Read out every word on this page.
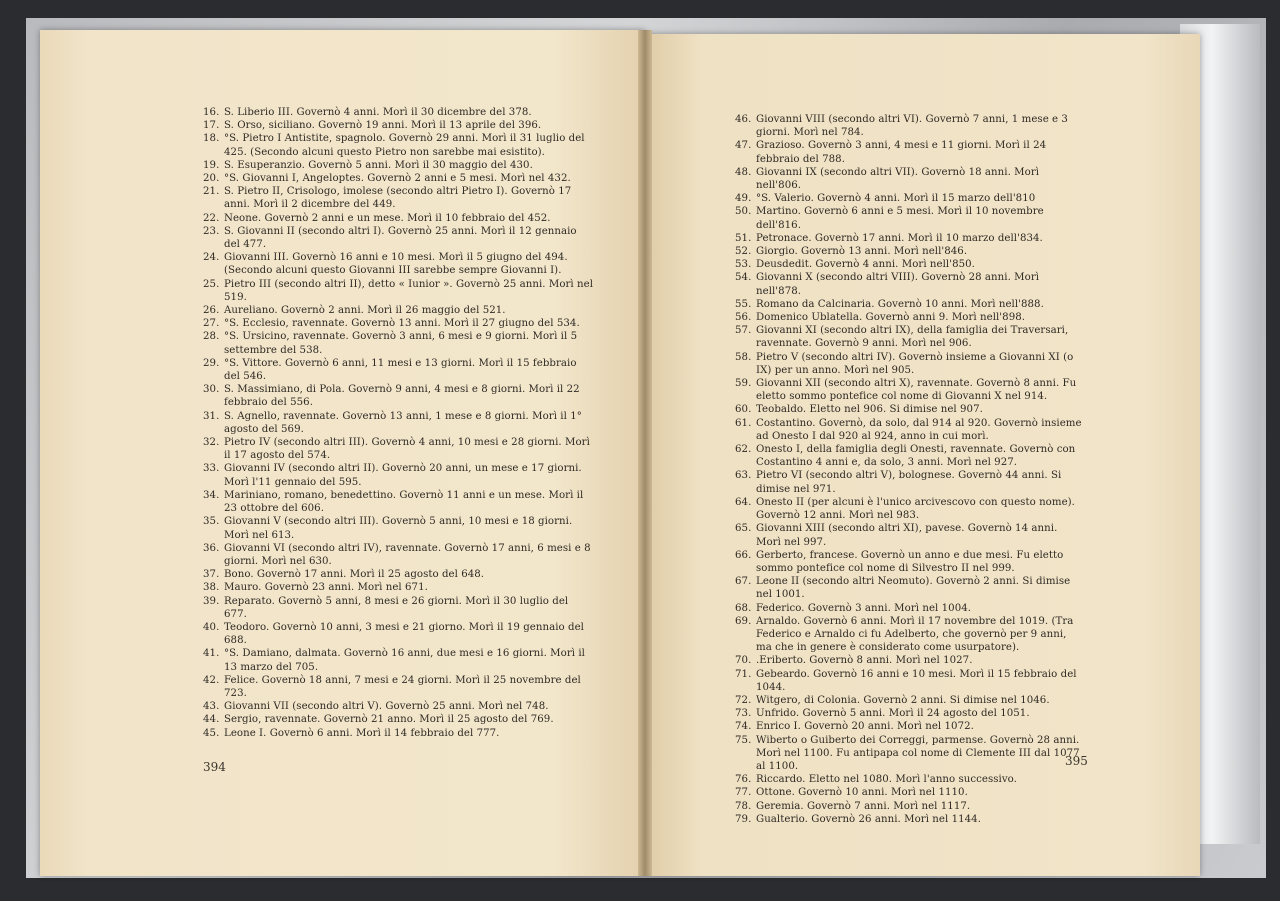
16. S. Liberio III. Governò 4 anni. Morì il 30 dicembre del 378.
17. S. Orso, siciliano. Governò 19 anni. Morì il 13 aprile del 396.
18. °S. Pietro I Antistite, spagnolo. Governò 29 anni. Morì il 31 luglio del 425. (Secondo alcuni questo Pietro non sarebbe mai esistito).
19. S. Esuperanzio. Governò 5 anni. Morì il 30 maggio del 430.
20. °S. Giovanni I, Angeloptes. Governò 2 anni e 5 mesi. Morì nel 432.
21. S. Pietro II, Crisologo, imolese (secondo altri Pietro I). Governò 17 anni. Morì il 2 dicembre del 449.
22. Neone. Governò 2 anni e un mese. Morì il 10 febbraio del 452.
23. S. Giovanni II (secondo altri I). Governò 25 anni. Morì il 12 gennaio del 477.
24. Giovanni III. Governò 16 anni e 10 mesi. Morì il 5 giugno del 494. (Secondo alcuni questo Giovanni III sarebbe sempre Giovanni I).
25. Pietro III (secondo altri II), detto « Iunior ». Governò 25 anni. Morì nel 519.
26. Aureliano. Governò 2 anni. Morì il 26 maggio del 521.
27. °S. Ecclesio, ravennate. Governò 13 anni. Morì il 27 giugno del 534.
28. °S. Ursicino, ravennate. Governò 3 anni, 6 mesi e 9 giorni. Morì il 5 settembre del 538.
29. °S. Vittore. Governò 6 anni, 11 mesi e 13 giorni. Morì il 15 febbraio del 546.
30. S. Massimiano, di Pola. Governò 9 anni, 4 mesi e 8 giorni. Morì il 22 febbraio del 556.
31. S. Agnello, ravennate. Governò 13 anni, 1 mese e 8 giorni. Morì il 1° agosto del 569.
32. Pietro IV (secondo altri III). Governò 4 anni, 10 mesi e 28 giorni. Morì il 17 agosto del 574.
33. Giovanni IV (secondo altri II). Governò 20 anni, un mese e 17 giorni. Morì l'11 gennaio del 595.
34. Mariniano, romano, benedettino. Governò 11 anni e un mese. Morì il 23 ottobre del 606.
35. Giovanni V (secondo altri III). Governò 5 anni, 10 mesi e 18 giorni. Morì nel 613.
36. Giovanni VI (secondo altri IV), ravennate. Governò 17 anni, 6 mesi e 8 giorni. Morì nel 630.
37. Bono. Governò 17 anni. Morì il 25 agosto del 648.
38. Mauro. Governò 23 anni. Morì nel 671.
39. Reparato. Governò 5 anni, 8 mesi e 26 giorni. Morì il 30 luglio del 677.
40. Teodoro. Governò 10 anni, 3 mesi e 21 giorno. Morì il 19 gennaio del 688.
41. °S. Damiano, dalmata. Governò 16 anni, due mesi e 16 giorni. Morì il 13 marzo del 705.
42. Felice. Governò 18 anni, 7 mesi e 24 giorni. Morì il 25 novembre del 723.
43. Giovanni VII (secondo altri V). Governò 25 anni. Morì nel 748.
44. Sergio, ravennate. Governò 21 anno. Morì il 25 agosto del 769.
45. Leone I. Governò 6 anni. Morì il 14 febbraio del 777.
46. Giovanni VIII (secondo altri VI). Governò 7 anni, 1 mese e 3 giorni. Morì nel 784.
47. Grazioso. Governò 3 anni, 4 mesi e 11 giorni. Morì il 24 febbraio del 788.
48. Giovanni IX (secondo altri VII). Governò 18 anni. Morì nell'806.
49. °S. Valerio. Governò 4 anni. Morì il 15 marzo dell'810
50. Martino. Governò 6 anni e 5 mesi. Morì il 10 novembre dell'816.
51. Petronace. Governò 17 anni. Morì il 10 marzo dell'834.
52. Giorgio. Governò 13 anni. Morì nell'846.
53. Deusdedit. Governò 4 anni. Morì nell'850.
54. Giovanni X (secondo altri VIII). Governò 28 anni. Morì nell'878.
55. Romano da Calcinaria. Governò 10 anni. Morì nell'888.
56. Domenico Ublatella. Governò anni 9. Morì nell'898.
57. Giovanni XI (secondo altri IX), della famiglia dei Traversari, ravennate. Governò 9 anni. Morì nel 906.
58. Pietro V (secondo altri IV). Governò insieme a Giovanni XI (o IX) per un anno. Morì nel 905.
59. Giovanni XII (secondo altri X), ravennate. Governò 8 anni. Fu eletto sommo pontefice col nome di Giovanni X nel 914.
60. Teobaldo. Eletto nel 906. Si dimise nel 907.
61. Costantino. Governò, da solo, dal 914 al 920. Governò insieme ad Onesto I dal 920 al 924, anno in cui morì.
62. Onesto I, della famiglia degli Onesti, ravennate. Governò con Costantino 4 anni e, da solo, 3 anni. Morì nel 927.
63. Pietro VI (secondo altri V), bolognese. Governò 44 anni. Si dimise nel 971.
64. Onesto II (per alcuni è l'unico arcivescovo con questo nome). Governò 12 anni. Morì nel 983.
65. Giovanni XIII (secondo altri XI), pavese. Governò 14 anni. Morì nel 997.
66. Gerberto, francese. Governò un anno e due mesi. Fu eletto sommo pontefice col nome di Silvestro II nel 999.
67. Leone II (secondo altri Neomuto). Governò 2 anni. Si dimise nel 1001.
68. Federico. Governò 3 anni. Morì nel 1004.
69. Arnaldo. Governò 6 anni. Morì il 17 novembre del 1019. (Tra Federico e Arnaldo ci fu Adelberto, che governò per 9 anni, ma che in genere è considerato come usurpatore).
70. .Eriberto. Governò 8 anni. Morì nel 1027.
71. Gebeardo. Governò 16 anni e 10 mesi. Morì il 15 febbraio del 1044.
72. Witgero, di Colonia. Governò 2 anni. Si dimise nel 1046.
73. Unfrido. Governò 5 anni. Morì il 24 agosto del 1051.
74. Enrico I. Governò 20 anni. Morì nel 1072.
75. Wiberto o Guiberto dei Correggi, parmense. Governò 28 anni. Morì nel 1100. Fu antipapa col nome di Clemente III dal 1077 al 1100.
76. Riccardo. Eletto nel 1080. Morì l'anno successivo.
77. Ottone. Governò 10 anni. Morì nel 1110.
78. Geremia. Governò 7 anni. Morì nel 1117.
79. Gualterio. Governò 26 anni. Morì nel 1144.
394	395
